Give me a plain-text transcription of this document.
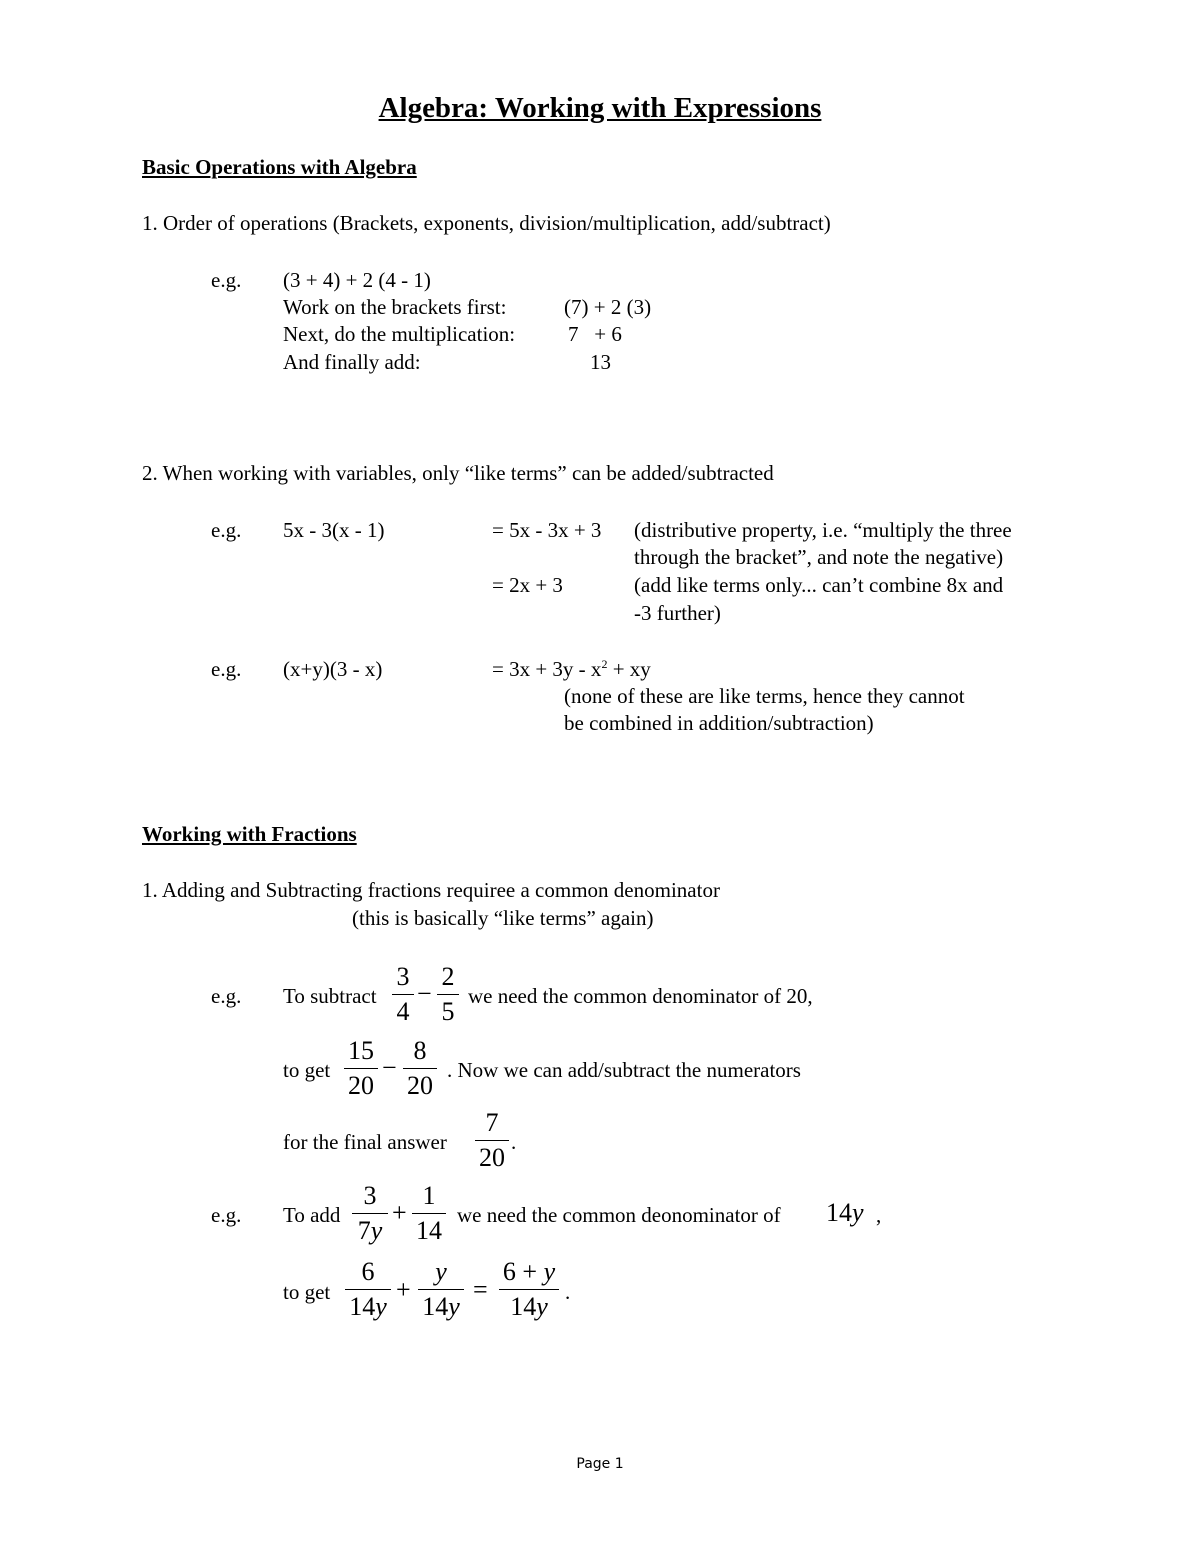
Algebra: Working with Expressions
Basic Operations with Algebra
1. Order of operations (Brackets, exponents, division/multiplication, add/subtract)
e.g. (3 + 4) + 2 (4 - 1)
Work on the brackets first:	(7) + 2 (3)
Next, do the multiplication:	7   + 6
And finally add:	13
2. When working with variables, only “like terms” can be added/subtracted
e.g. 5x - 3(x - 1)	= 5x - 3x + 3 (distributive property, i.e. “multiply the three
through the bracket”, and note the negative)
= 2x + 3	(add like terms only... can’t combine 8x and
-3 further)
e.g. (x+y)(3 - x)	= $3x + 3y - x^2$ + xy
(none of these are like terms, hence they cannot
be combined in addition/subtraction)
Working with Fractions
1. Adding and Subtracting fractions requiree a common denominator
(this is basically “like terms” again)
e.g. To subtract
3
4
−
2
5
we need the common denominator of 20,
to get
15
20
−
8
20
. Now we can add/subtract the numerators
for the final answer
7
20
.
e.g. To add
3
7y
+
1
14
we need the common deonominator of 14y ,
to get
6
14y
+
y
14y
=
6 + y
14y .
Page 1
